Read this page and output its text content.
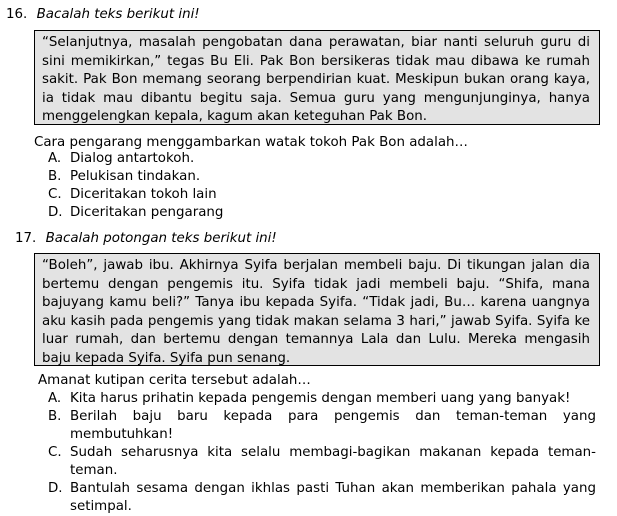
16. Bacalah teks berikut ini!
“Selanjutnya, masalah pengobatan dana perawatan, biar nanti seluruh guru di sini memikirkan,” tegas Bu Eli. Pak Bon bersikeras tidak mau dibawa ke rumah sakit. Pak Bon memang seorang berpendirian kuat. Meskipun bukan orang kaya, ia tidak mau dibantu begitu saja. Semua guru yang mengunjunginya, hanya menggelengkan kepala, kagum akan keteguhan Pak Bon.
Cara pengarang menggambarkan watak tokoh Pak Bon adalah…
A. Dialog antartokoh.
B. Pelukisan tindakan.
C. Diceritakan tokoh lain
D. Diceritakan pengarang
17. Bacalah potongan teks berikut ini!
“Boleh”, jawab ibu. Akhirnya Syifa berjalan membeli baju. Di tikungan jalan dia bertemu dengan pengemis itu. Syifa tidak jadi membeli baju. “Shifa, mana bajuyang kamu beli?” Tanya ibu kepada Syifa. “Tidak jadi, Bu… karena uangnya aku kasih pada pengemis yang tidak makan selama 3 hari,” jawab Syifa. Syifa ke luar rumah, dan bertemu dengan temannya Lala dan Lulu. Mereka mengasih baju kepada Syifa. Syifa pun senang.
Amanat kutipan cerita tersebut adalah…
A. Kita harus prihatin kepada pengemis dengan memberi uang yang banyak!
B. Berilah baju baru kepada para pengemis dan teman-teman yang membutuhkan!
C. Sudah seharusnya kita selalu membagi-bagikan makanan kepada teman-teman.
D. Bantulah sesama dengan ikhlas pasti Tuhan akan memberikan pahala yang setimpal.
